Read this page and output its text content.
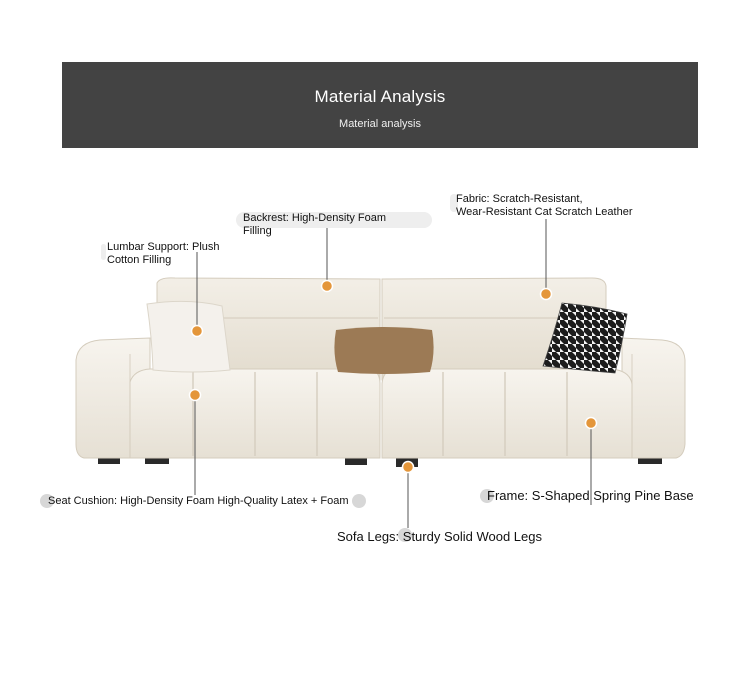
Material Analysis
Material analysis
Fabric: Scratch-Resistant,
Wear-Resistant Cat Scratch Leather
Backrest: High-Density Foam
Filling
Lumbar Support: Plush
Cotton Filling
Seat Cushion: High-Density Foam High-Quality Latex + Foam	Frame: S-Shaped Spring Pine Base
Sofa Legs: Sturdy Solid Wood Legs
